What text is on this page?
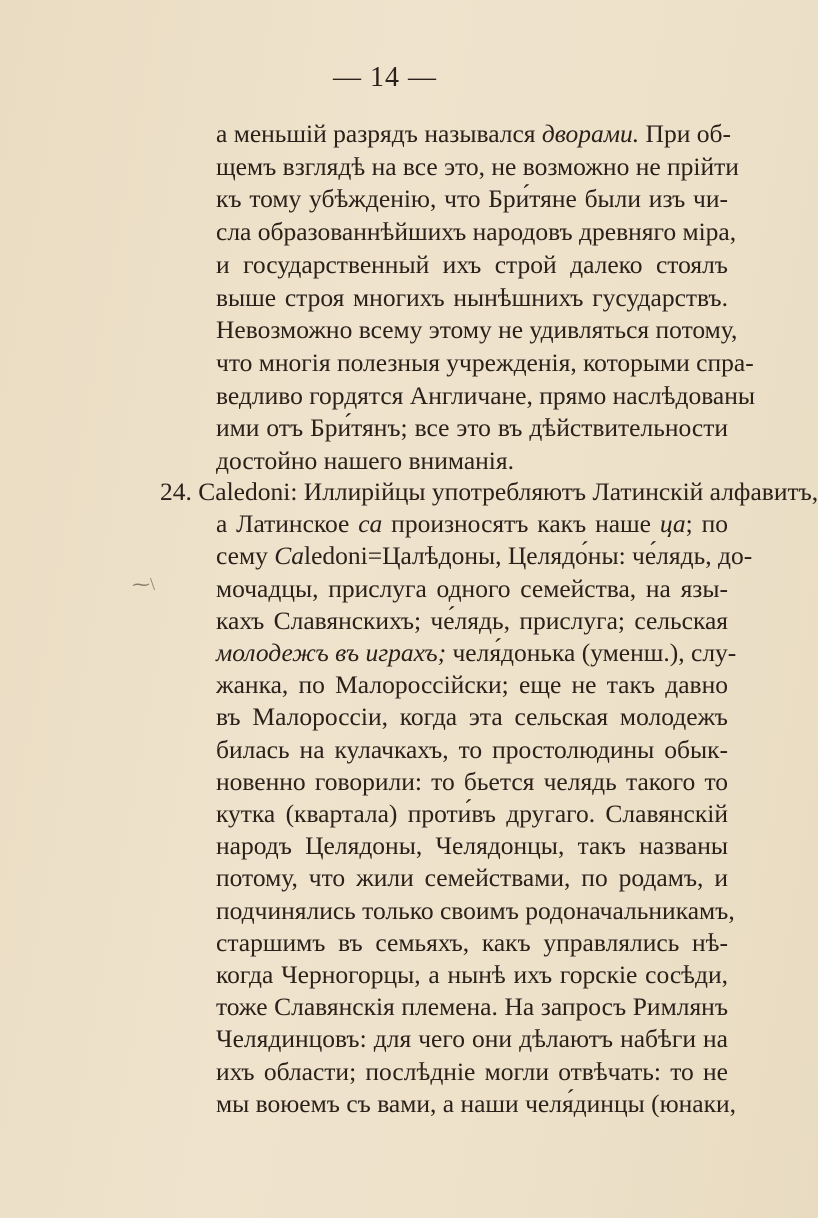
— 14 —
⁓\
а меньшiй разрядъ назывался дворами. При об-
щемъ взглядѣ на все это, не возможно не прiйти
къ тому убѣжденiю, что Бри́тяне были изъ чи-
сла образованнѣйшихъ народовъ древняго мiра,
и государственный ихъ строй далеко стоялъ
выше строя многихъ нынѣшнихъ гусударствъ.
Невозможно всему этому не удивляться потому,
что многiя полезныя учрежденiя, которыми спра-
ведливо гордятся Англичане, прямо наслѣдованы
ими отъ Бри́тянъ; все это въ дѣйствительности
достойно нашего вниманiя.
24. Caledoni: Иллирiйцы употребляютъ Латинскiй алфавитъ,
а Латинское ca произносятъ какъ наше ца; по
сему Caledoni=Цалѣдоны, Целядо́ны: че́лядь, до-
мочадцы, прислуга одного семейства, на язы-
кахъ Славянскихъ; че́лядь, прислуга; сельская
молодежъ въ играхъ; челя́донька (уменш.), слу-
жанка, по Малороссiйски; еще не такъ давно
въ Малороссiи, когда эта сельская молодежъ
билась на кулачкахъ, то простолюдины обык-
новенно говорили: то бьется челядь такого то
кутка (квартала) проти́въ другаго. Славянскiй
народъ Целядоны, Челядонцы, такъ названы
потому, что жили семействами, по родамъ, и
подчинялись только своимъ родоначальникамъ,
старшимъ въ семьяхъ, какъ управлялись нѣ-
когда Черногорцы, а нынѣ ихъ горскiе сосѣди,
тоже Славянскiя племена. На запросъ Римлянъ
Челядинцовъ: для чего они дѣлаютъ набѣги на
ихъ области; послѣднiе могли отвѣчать: то не
мы воюемъ съ вами, а наши челя́динцы (юнаки,
